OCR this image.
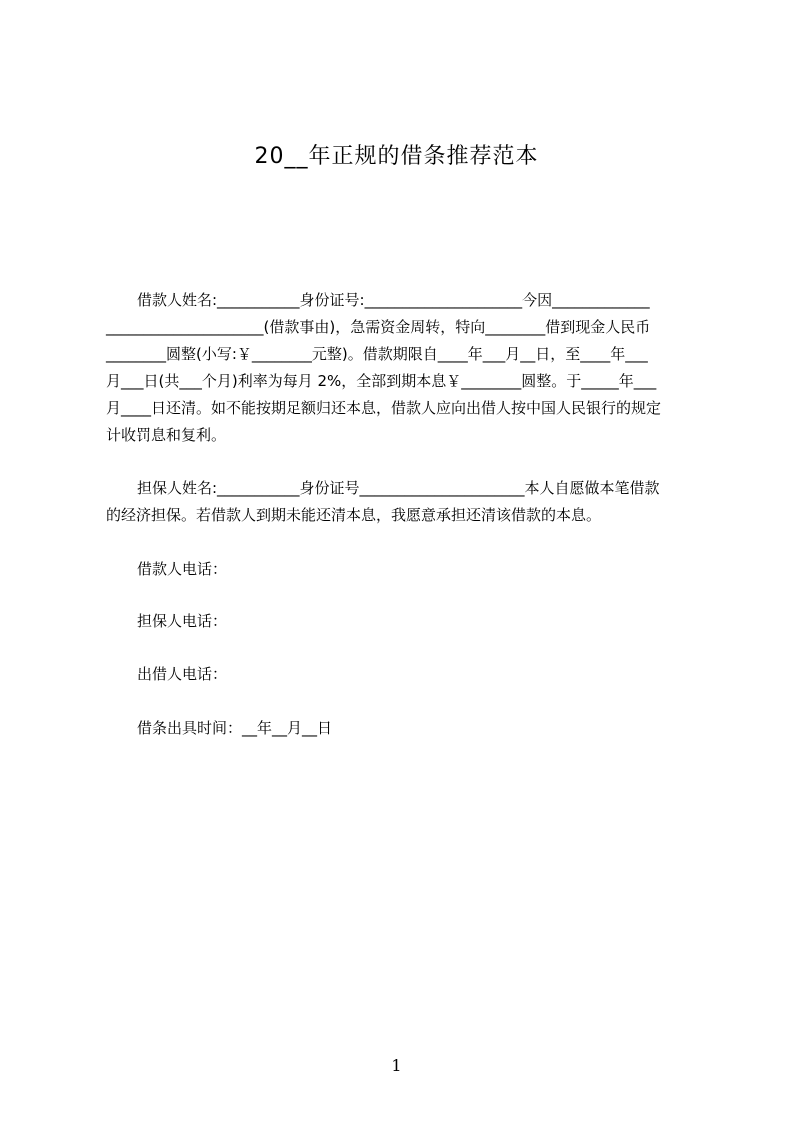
20__年正规的借条推荐范本
借款人姓名:___________身份证号:_____________________今因_____________
_____________________(借款事由)，急需资金周转，特向________借到现金人民币
________圆整(小写:￥________元整)。借款期限自____年___月__日，至____年___
月___日(共___个月)利率为每月 2%，全部到期本息￥________圆整。于_____年___
月____日还清。如不能按期足额归还本息，借款人应向出借人按中国人民银行的规定
计收罚息和复利。
担保人姓名:___________身份证号______________________本人自愿做本笔借款
的经济担保。若借款人到期未能还清本息，我愿意承担还清该借款的本息。
借款人电话：
担保人电话：
出借人电话：
借条出具时间：__年__月__日
1
